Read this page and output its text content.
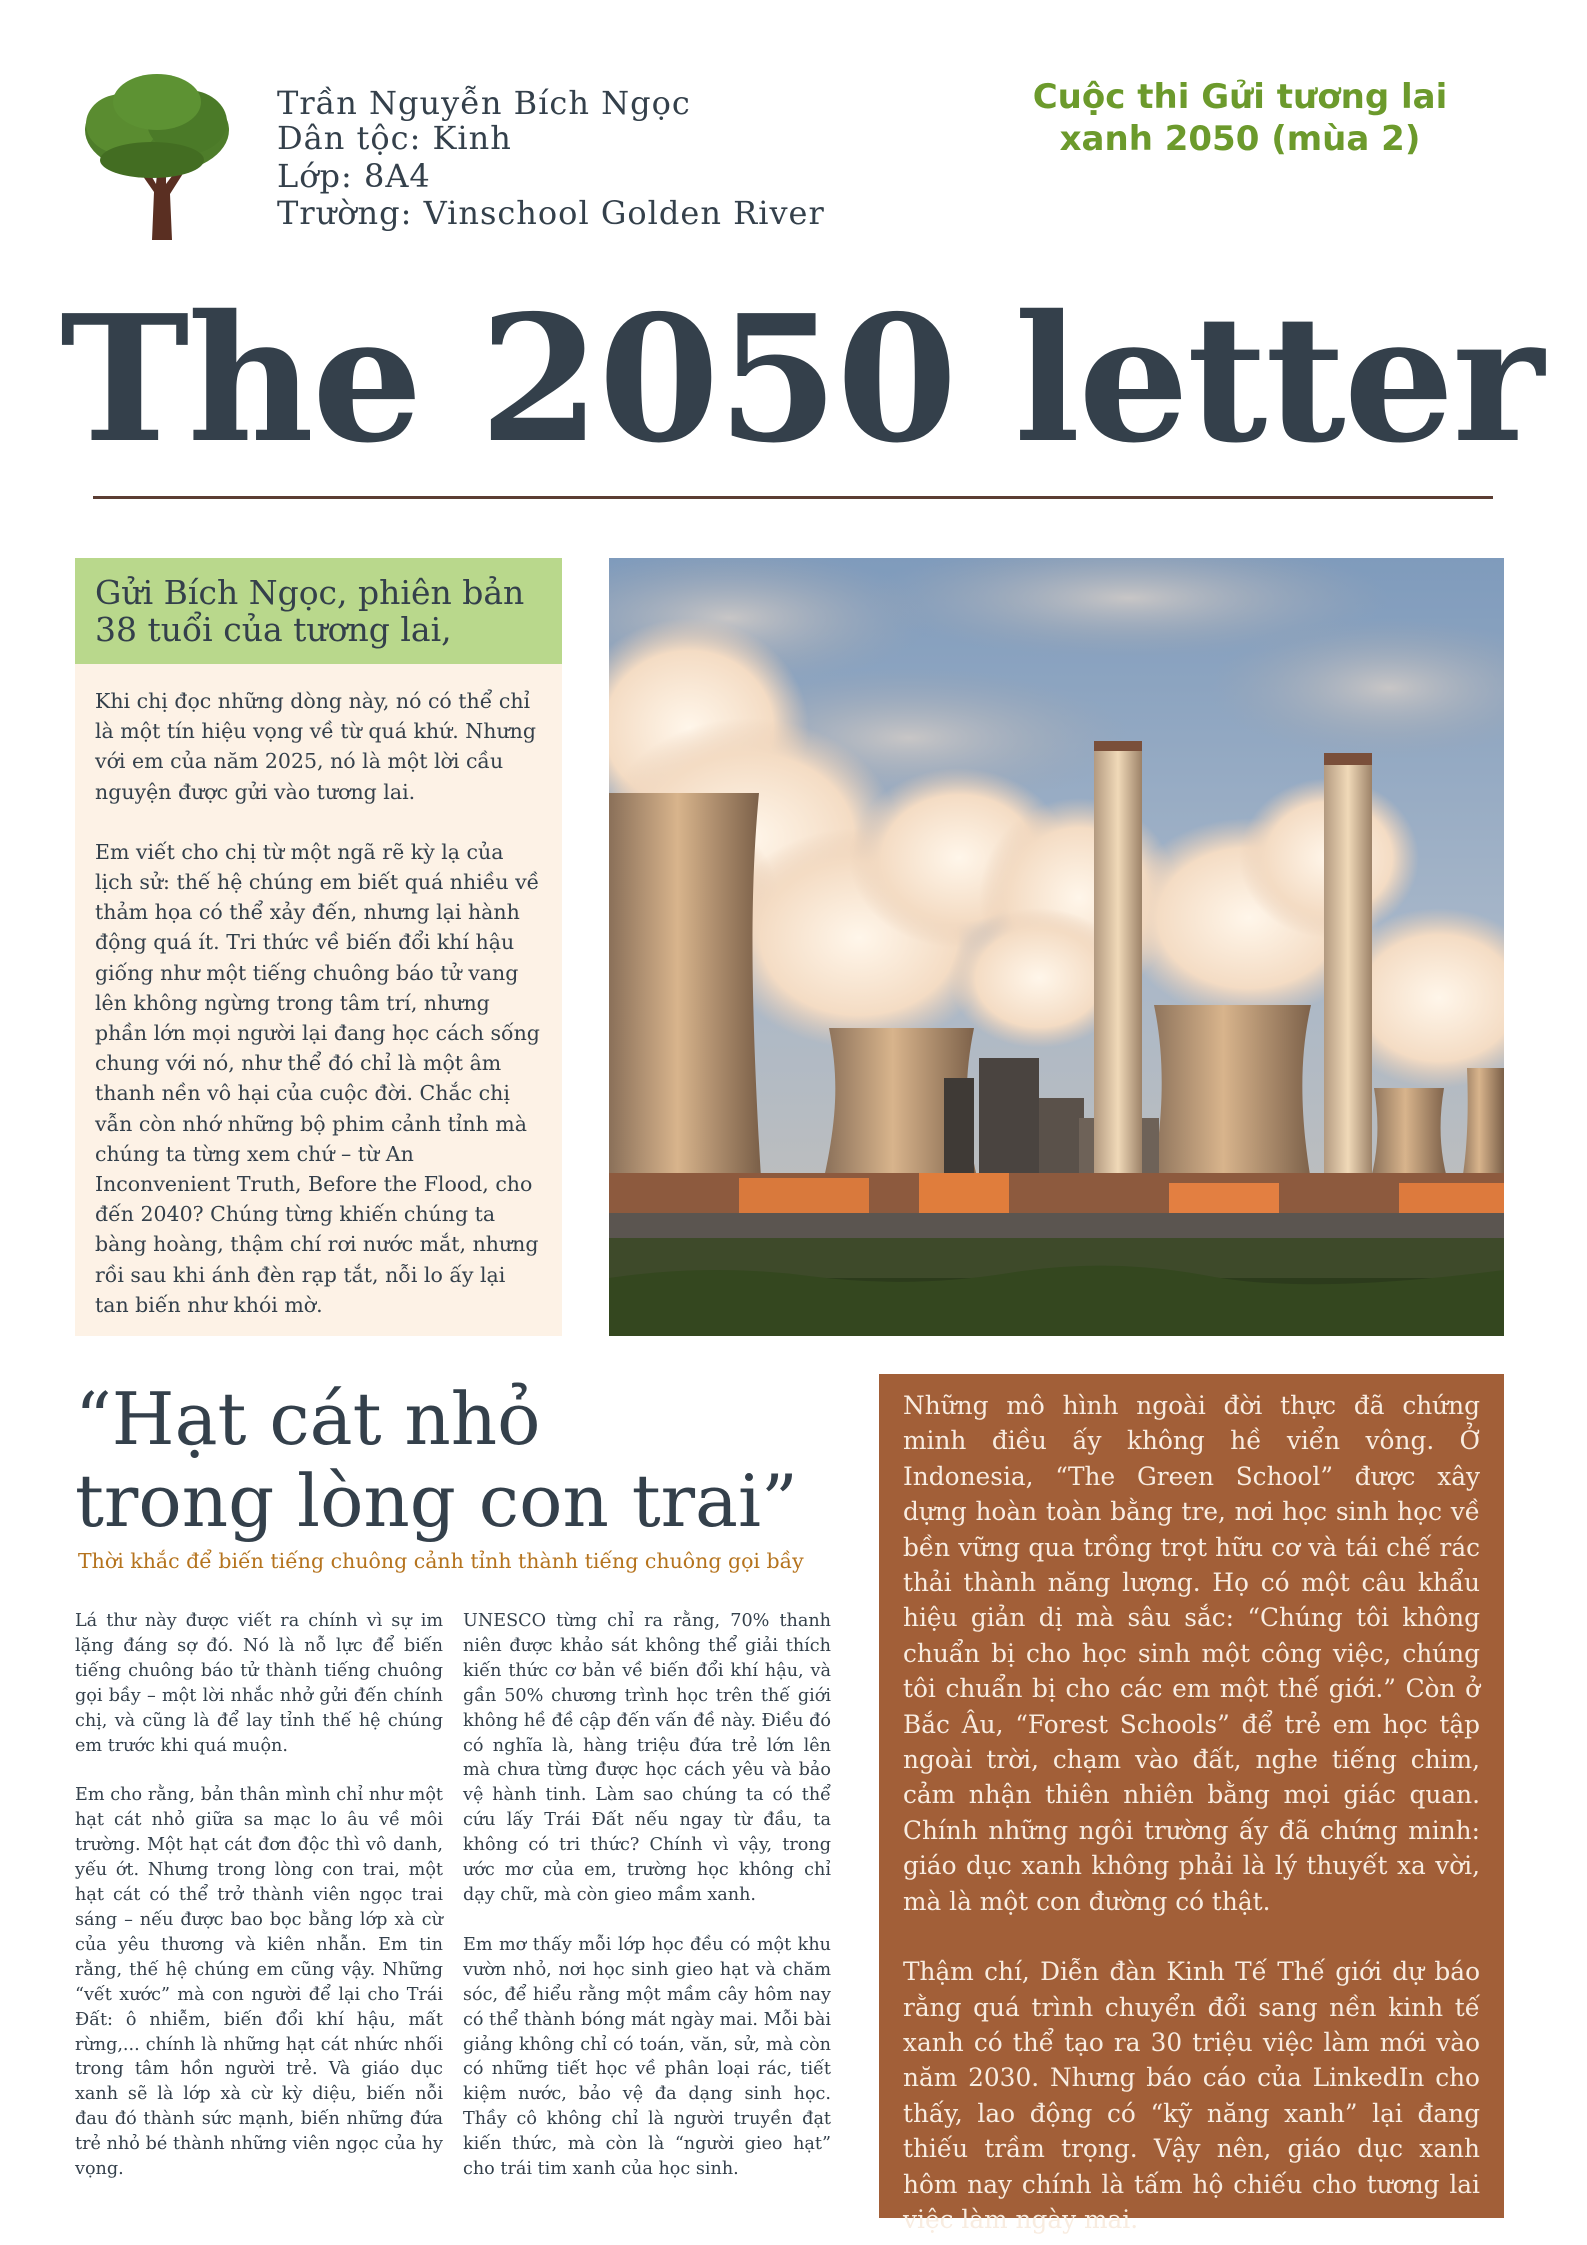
Trần Nguyễn Bích Ngọc
Dân tộc: Kinh
Lớp: 8A4
Trường: Vinschool Golden River
Cuộc thi Gửi tương lai
xanh 2050 (mùa 2)
The 2050 letter
Gửi Bích Ngọc, phiên bản
38 tuổi của tương lai,

Khi chị đọc những dòng này, nó có thể chỉ là một tín hiệu vọng về từ quá khứ. Nhưng với em của năm 2025, nó là một lời cầu nguyện được gửi vào tương lai.

Em viết cho chị từ một ngã rẽ kỳ lạ của lịch sử: thế hệ chúng em biết quá nhiều về thảm họa có thể xảy đến, nhưng lại hành động quá ít. Tri thức về biến đổi khí hậu giống như một tiếng chuông báo tử vang lên không ngừng trong tâm trí, nhưng phần lớn mọi người lại đang học cách sống chung với nó, như thể đó chỉ là một âm thanh nền vô hại của cuộc đời. Chắc chị vẫn còn nhớ những bộ phim cảnh tỉnh mà chúng ta từng xem chứ – từ An Inconvenient Truth, Before the Flood, cho đến 2040? Chúng từng khiến chúng ta bàng hoàng, thậm chí rơi nước mắt, nhưng rồi sau khi ánh đèn rạp tắt, nỗi lo ấy lại tan biến như khói mờ.

“Hạt cát nhỏ
trong lòng con trai”
Thời khắc để biến tiếng chuông cảnh tỉnh thành tiếng chuông gọi bầy

Lá thư này được viết ra chính vì sự im lặng đáng sợ đó. Nó là nỗ lực để biến tiếng chuông báo tử thành tiếng chuông gọi bầy – một lời nhắc nhở gửi đến chính chị, và cũng là để lay tỉnh thế hệ chúng em trước khi quá muộn.

Em cho rằng, bản thân mình chỉ như một hạt cát nhỏ giữa sa mạc lo âu về môi trường. Một hạt cát đơn độc thì vô danh, yếu ớt. Nhưng trong lòng con trai, một hạt cát có thể trở thành viên ngọc trai sáng – nếu được bao bọc bằng lớp xà cừ của yêu thương và kiên nhẫn. Em tin rằng, thế hệ chúng em cũng vậy. Những “vết xước” mà con người để lại cho Trái Đất: ô nhiễm, biến đổi khí hậu, mất rừng,... chính là những hạt cát nhức nhối trong tâm hồn người trẻ. Và giáo dục xanh sẽ là lớp xà cừ kỳ diệu, biến nỗi đau đó thành sức mạnh, biến những đứa trẻ nhỏ bé thành những viên ngọc của hy vọng.

UNESCO từng chỉ ra rằng, 70% thanh niên được khảo sát không thể giải thích kiến thức cơ bản về biến đổi khí hậu, và gần 50% chương trình học trên thế giới không hề đề cập đến vấn đề này. Điều đó có nghĩa là, hàng triệu đứa trẻ lớn lên mà chưa từng được học cách yêu và bảo vệ hành tinh. Làm sao chúng ta có thể cứu lấy Trái Đất nếu ngay từ đầu, ta không có tri thức? Chính vì vậy, trong ước mơ của em, trường học không chỉ dạy chữ, mà còn gieo mầm xanh.

Em mơ thấy mỗi lớp học đều có một khu vườn nhỏ, nơi học sinh gieo hạt và chăm sóc, để hiểu rằng một mầm cây hôm nay có thể thành bóng mát ngày mai. Mỗi bài giảng không chỉ có toán, văn, sử, mà còn có những tiết học về phân loại rác, tiết kiệm nước, bảo vệ đa dạng sinh học. Thầy cô không chỉ là người truyền đạt kiến thức, mà còn là “người gieo hạt” cho trái tim xanh của học sinh.

Những mô hình ngoài đời thực đã chứng minh điều ấy không hề viển vông. Ở Indonesia, “The Green School” được xây dựng hoàn toàn bằng tre, nơi học sinh học về bền vững qua trồng trọt hữu cơ và tái chế rác thải thành năng lượng. Họ có một câu khẩu hiệu giản dị mà sâu sắc: “Chúng tôi không chuẩn bị cho học sinh một công việc, chúng tôi chuẩn bị cho các em một thế giới.” Còn ở Bắc Âu, “Forest Schools” để trẻ em học tập ngoài trời, chạm vào đất, nghe tiếng chim, cảm nhận thiên nhiên bằng mọi giác quan. Chính những ngôi trường ấy đã chứng minh: giáo dục xanh không phải là lý thuyết xa vời, mà là một con đường có thật.

Thậm chí, Diễn đàn Kinh Tế Thế giới dự báo rằng quá trình chuyển đổi sang nền kinh tế xanh có thể tạo ra 30 triệu việc làm mới vào năm 2030. Nhưng báo cáo của LinkedIn cho thấy, lao động có “kỹ năng xanh” lại đang thiếu trầm trọng. Vậy nên, giáo dục xanh hôm nay chính là tấm hộ chiếu cho tương lai việc làm ngày mai.
